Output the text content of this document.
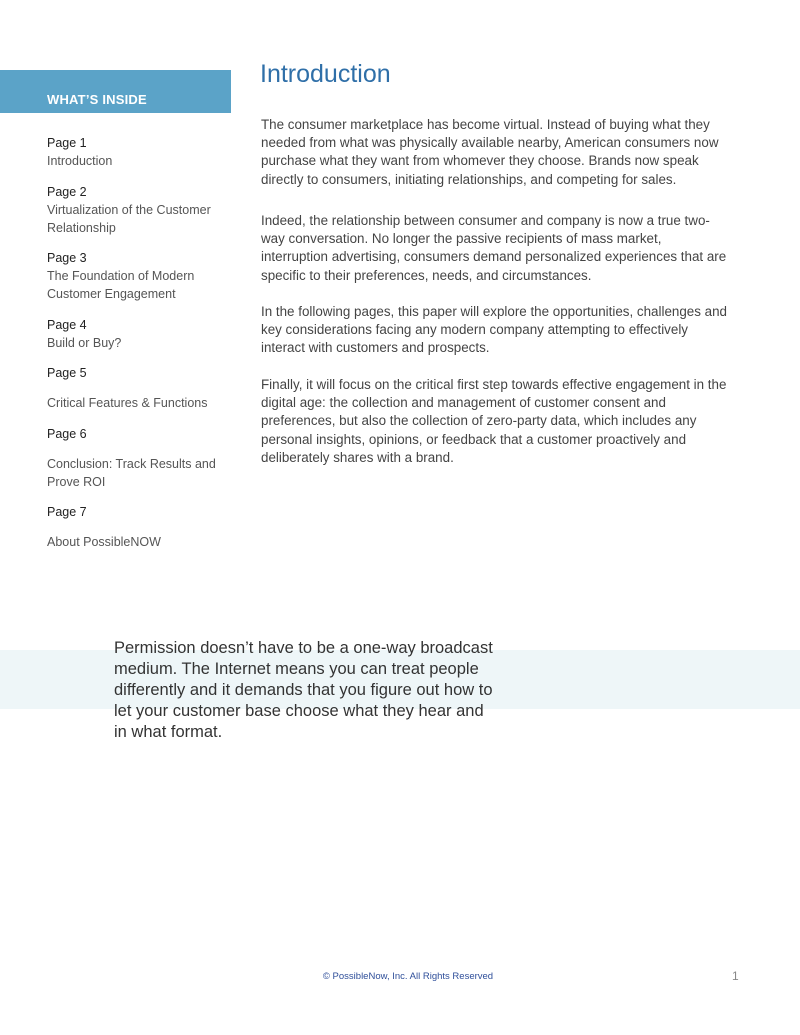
WHAT’S INSIDE
Page 1
Introduction
Page 2
Virtualization of the Customer Relationship
Page 3
The Foundation of Modern Customer Engagement
Page 4
Build or Buy?
Page 5
Critical Features & Functions
Page 6
Conclusion: Track Results and Prove ROI
Page 7
About PossibleNOW
Introduction

The consumer marketplace has become virtual. Instead of buying what they needed from what was physically available nearby, American consumers now purchase what they want from whomever they choose. Brands now speak directly to consumers, initiating relationships, and competing for sales.

Indeed, the relationship between consumer and company is now a true two-way conversation. No longer the passive recipients of mass market, interruption advertising, consumers demand personalized experiences that are specific to their preferences, needs, and circumstances.

In the following pages, this paper will explore the opportunities, challenges and key considerations facing any modern company attempting to effectively interact with customers and prospects.

Finally, it will focus on the critical first step towards effective engagement in the digital age: the collection and management of customer consent and preferences, but also the collection of zero-party data, which includes any personal insights, opinions, or feedback that a customer proactively and deliberately shares with a brand.

Permission doesn’t have to be a one-way broadcast medium. The Internet means you can treat people differently and it demands that you figure out how to let your customer base choose what they hear and in what format.
© PossibleNow, Inc. All Rights Reserved	1
